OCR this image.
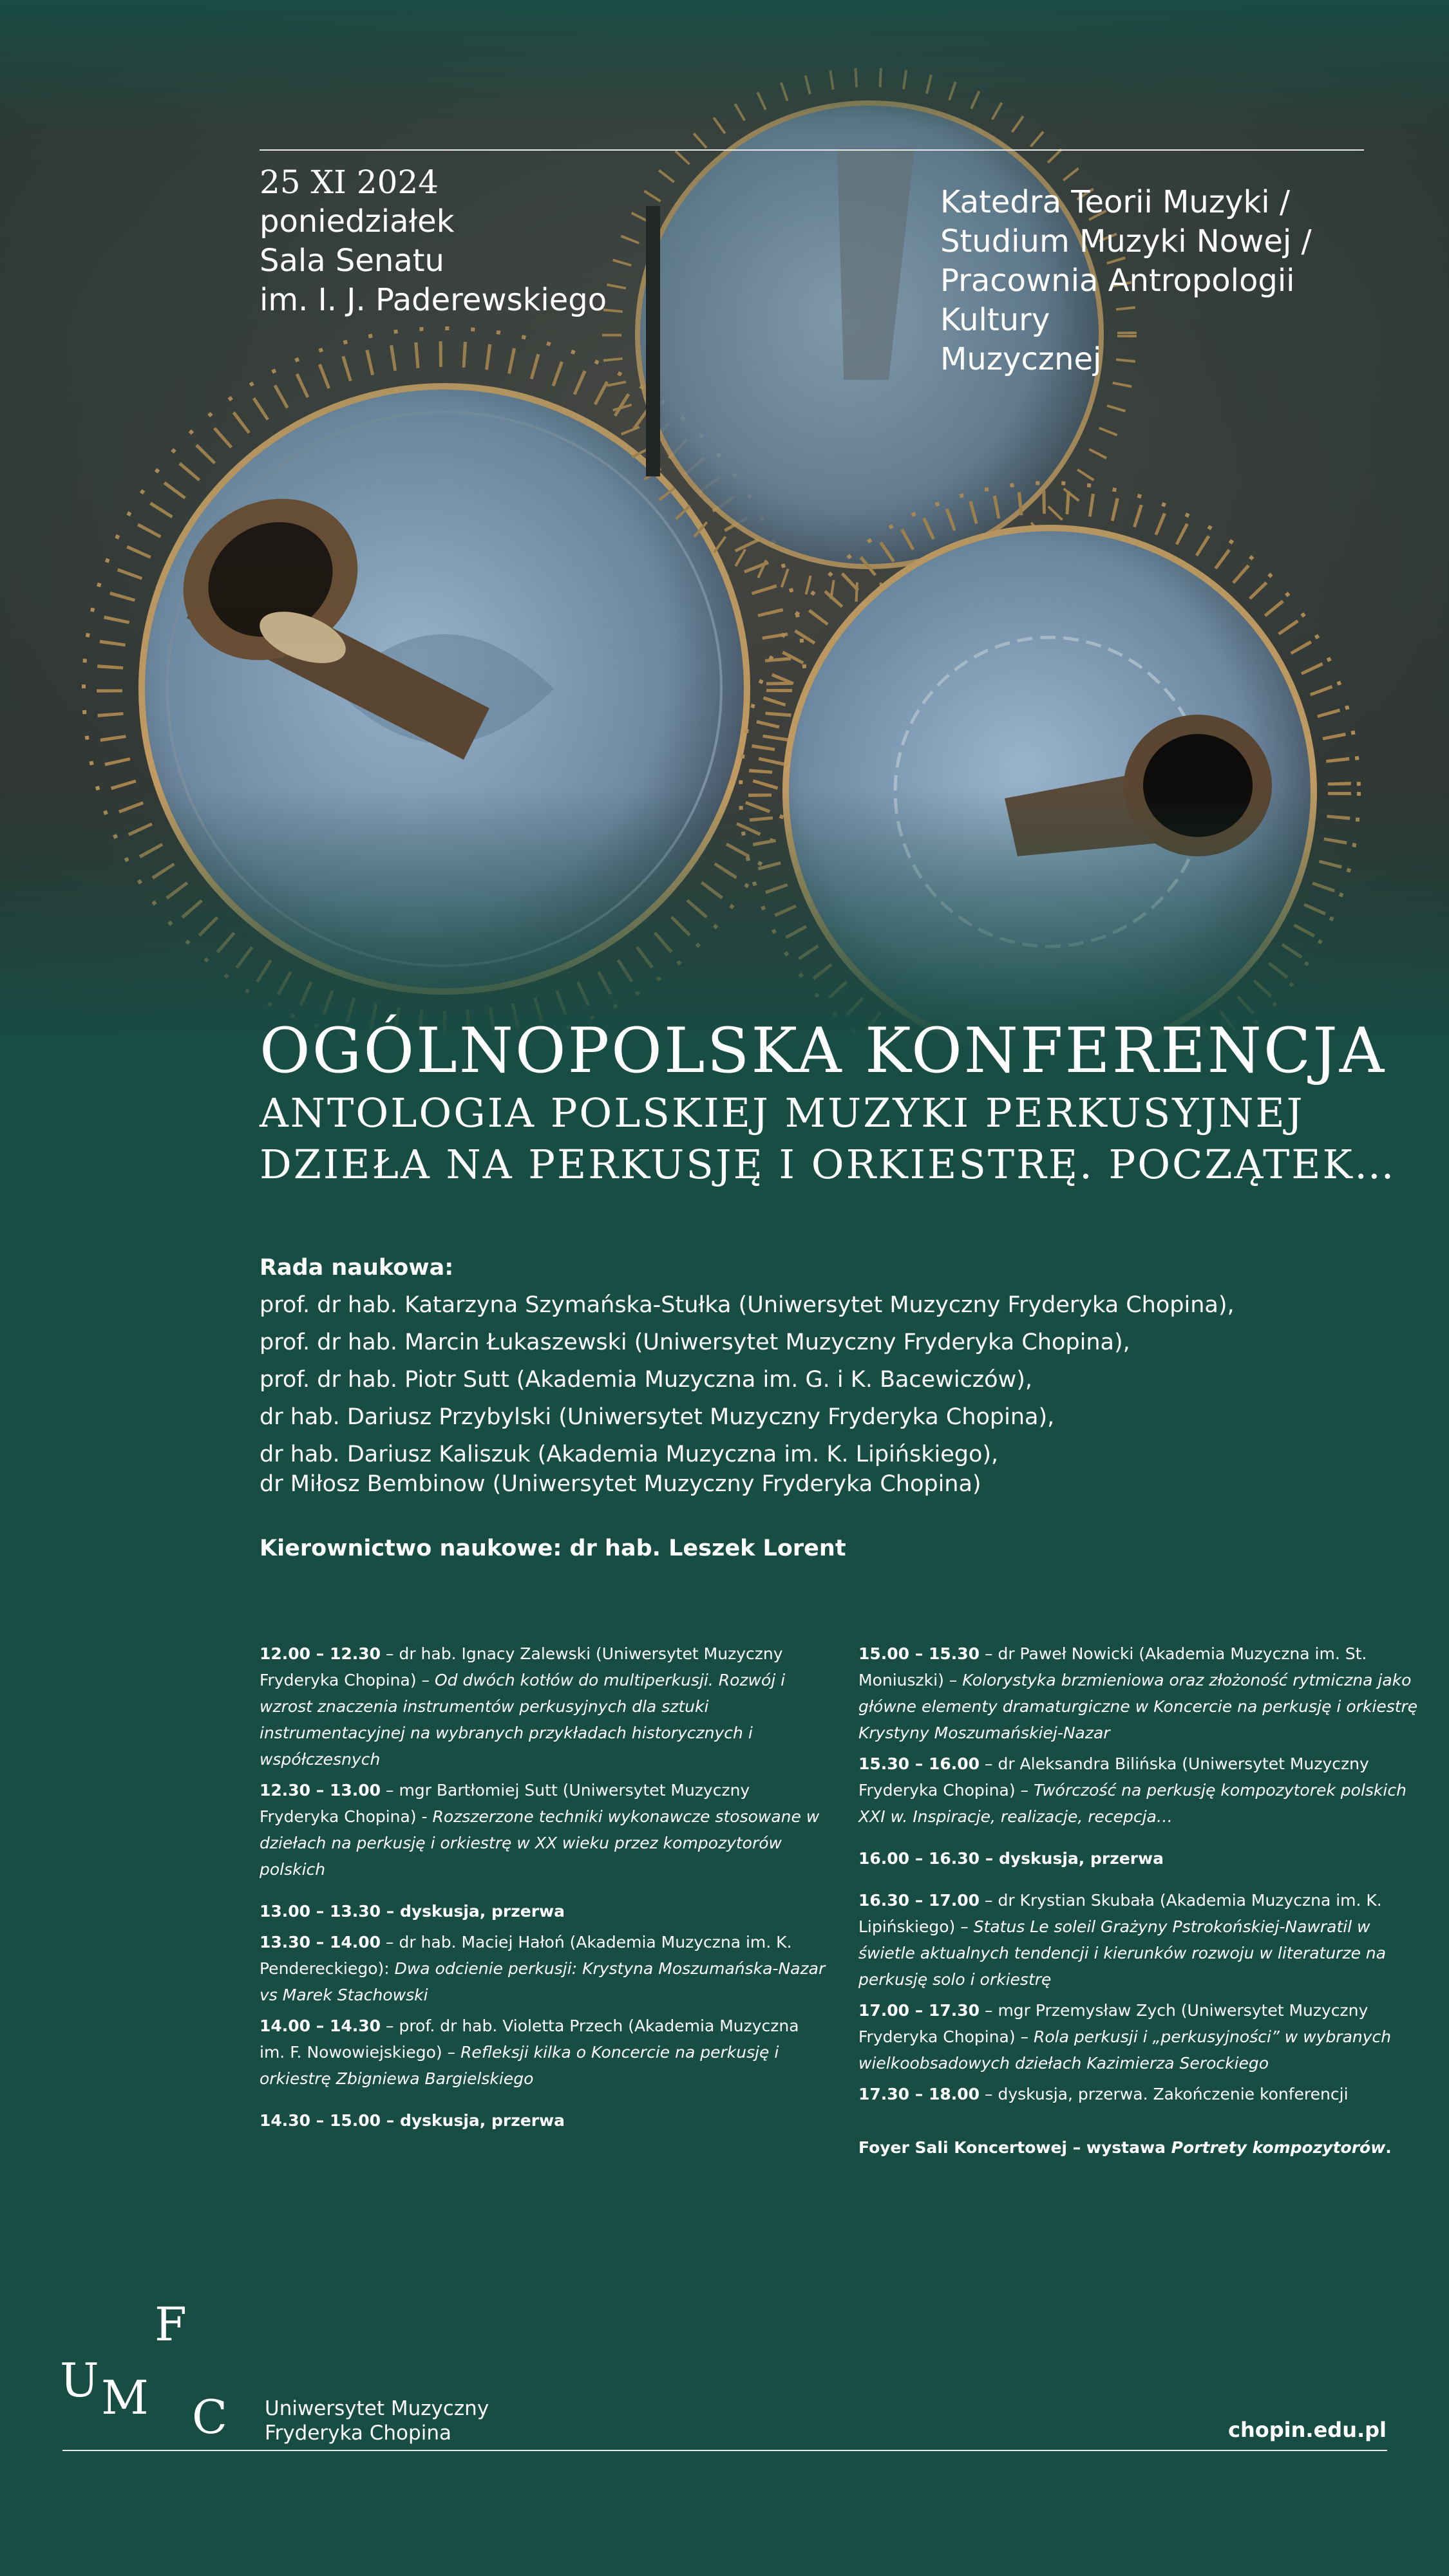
25 XI 2024
poniedziałek
Sala Senatu
im. I. J. Paderewskiego
Katedra Teorii Muzyki /
Studium Muzyki Nowej /
Pracownia Antropologii Kultury
Muzycznej
OGÓLNOPOLSKA KONFERENCJA
ANTOLOGIA POLSKIEJ MUZYKI PERKUSYJNEJ
DZIEŁA NA PERKUSJĘ I ORKIESTRĘ. POCZĄTEK…
Rada naukowa:
prof. dr hab. Katarzyna Szymańska-Stułka (Uniwersytet Muzyczny Fryderyka Chopina),
prof. dr hab. Marcin Łukaszewski (Uniwersytet Muzyczny Fryderyka Chopina),
prof. dr hab. Piotr Sutt (Akademia Muzyczna im. G. i K. Bacewiczów),
dr hab. Dariusz Przybylski (Uniwersytet Muzyczny Fryderyka Chopina),
dr hab. Dariusz Kaliszuk (Akademia Muzyczna im. K. Lipińskiego),
dr Miłosz Bembinow (Uniwersytet Muzyczny Fryderyka Chopina)
Kierownictwo naukowe: dr hab. Leszek Lorent
12.00 – 12.30 – dr hab. Ignacy Zalewski (Uniwersytet Muzyczny Fryderyka Chopina) – Od dwóch kotłów do multiperkusji. Rozwój i wzrost znaczenia instrumentów perkusyjnych dla sztuki instrumentacyjnej na wybranych przykładach historycznych i współczesnych
12.30 – 13.00 – mgr Bartłomiej Sutt (Uniwersytet Muzyczny Fryderyka Chopina) - Rozszerzone techniki wykonawcze stosowane w dziełach na perkusję i orkiestrę w XX wieku przez kompozytorów polskich
13.00 – 13.30 – dyskusja, przerwa
13.30 – 14.00 – dr hab. Maciej Hałoń (Akademia Muzyczna im. K. Pendereckiego): Dwa odcienie perkusji: Krystyna Moszumańska-Nazar vs Marek Stachowski
14.00 – 14.30 – prof. dr hab. Violetta Przech (Akademia Muzyczna im. F. Nowowiejskiego) – Refleksji kilka o Koncercie na perkusję i orkiestrę Zbigniewa Bargielskiego
14.30 – 15.00 – dyskusja, przerwa
15.00 – 15.30 – dr Paweł Nowicki (Akademia Muzyczna im. St. Moniuszki) – Kolorystyka brzmieniowa oraz złożoność rytmiczna jako główne elementy dramaturgiczne w Koncercie na perkusję i orkiestrę Krystyny Moszumańskiej-Nazar
15.30 – 16.00 – dr Aleksandra Bilińska (Uniwersytet Muzyczny Fryderyka Chopina) – Twórczość na perkusję kompozytorek polskich XXI w. Inspiracje, realizacje, recepcja…
16.00 – 16.30 – dyskusja, przerwa
16.30 – 17.00 – dr Krystian Skubała (Akademia Muzyczna im. K. Lipińskiego) – Status Le soleil Grażyny Pstrokońskiej-Nawratil w świetle aktualnych tendencji i kierunków rozwoju w literaturze na perkusję solo i orkiestrę
17.00 – 17.30 – mgr Przemysław Zych (Uniwersytet Muzyczny Fryderyka Chopina) – Rola perkusji i „perkusyjności” w wybranych wielkoobsadowych dziełach Kazimierza Serockiego
17.30 – 18.00 – dyskusja, przerwa. Zakończenie konferencji
Foyer Sali Koncertowej – wystawa Portrety kompozytorów.
U M
F
C Uniwersytet Muzyczny
Fryderyka Chopina	chopin.edu.pl
